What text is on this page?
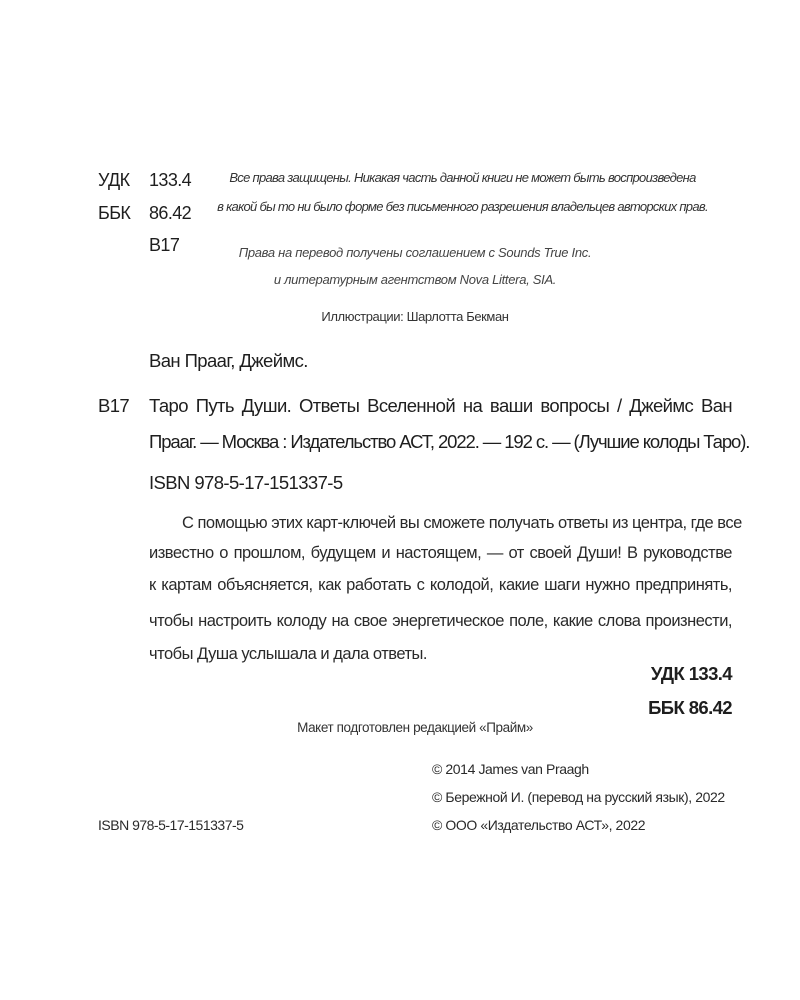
УДК 133.4
ББК 86.42
В17
Все права защищены. Никакая часть данной книги не может быть воспроизведена
в какой бы то ни было форме без письменного разрешения владельцев авторских прав.
Права на перевод получены соглашением с Sounds True Inc.
и литературным агентством Nova Littera, SIA.
Иллюстрации: Шарлотта Бекман
Ван Прааг, Джеймс.
В17 Таро Путь Души. Ответы Вселенной на ваши вопросы / Джеймс Ван
Прааг. — Москва : Издательство АСТ, 2022. — 192 с. — (Лучшие колоды Таро).
ISBN 978-5-17-151337-5
С помощью этих карт-ключей вы сможете получать ответы из центра, где все
известно о прошлом, будущем и настоящем, — от своей Души! В руководстве
к картам объясняется, как работать с колодой, какие шаги нужно предпринять,
чтобы настроить колоду на свое энергетическое поле, какие слова произнести,
чтобы Душа услышала и дала ответы.
УДК 133.4
ББК 86.42
Макет подготовлен редакцией «Прайм»
© 2014 James van Praagh
© Бережной И. (перевод на русский язык), 2022
© ООО «Издательство АСТ», 2022
ISBN 978-5-17-151337-5
